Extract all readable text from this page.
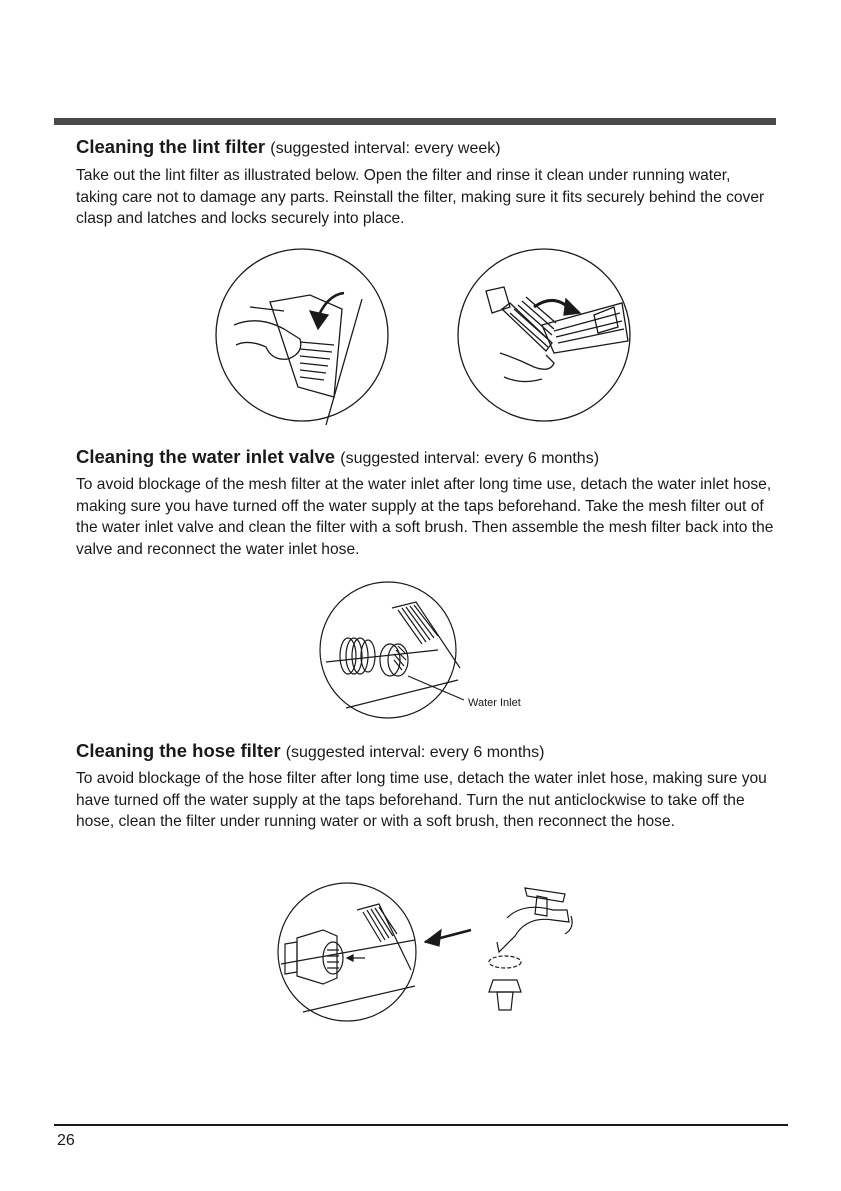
Cleaning the lint filter (suggested interval: every week)

Take out the lint filter as illustrated below. Open the filter and rinse it clean under running water, taking care not to damage any parts. Reinstall the filter, making sure it fits securely behind the cover clasp and latches and locks securely into place.

Cleaning the water inlet valve (suggested interval: every 6 months)

To avoid blockage of the mesh filter at the water inlet after long time use, detach the water inlet hose, making sure you have turned off the water supply at the taps beforehand. Take the mesh filter out of the water inlet valve and clean the filter with a soft brush. Then assemble the mesh filter back into the valve and reconnect the water inlet hose.

Water Inlet
Cleaning the hose filter (suggested interval: every 6 months)

To avoid blockage of the hose filter after long time use, detach the water inlet hose, making sure you have turned off the water supply at the taps beforehand. Turn the nut anticlockwise to take off the hose, clean the filter under running water or with a soft brush, then reconnect the hose.

26
